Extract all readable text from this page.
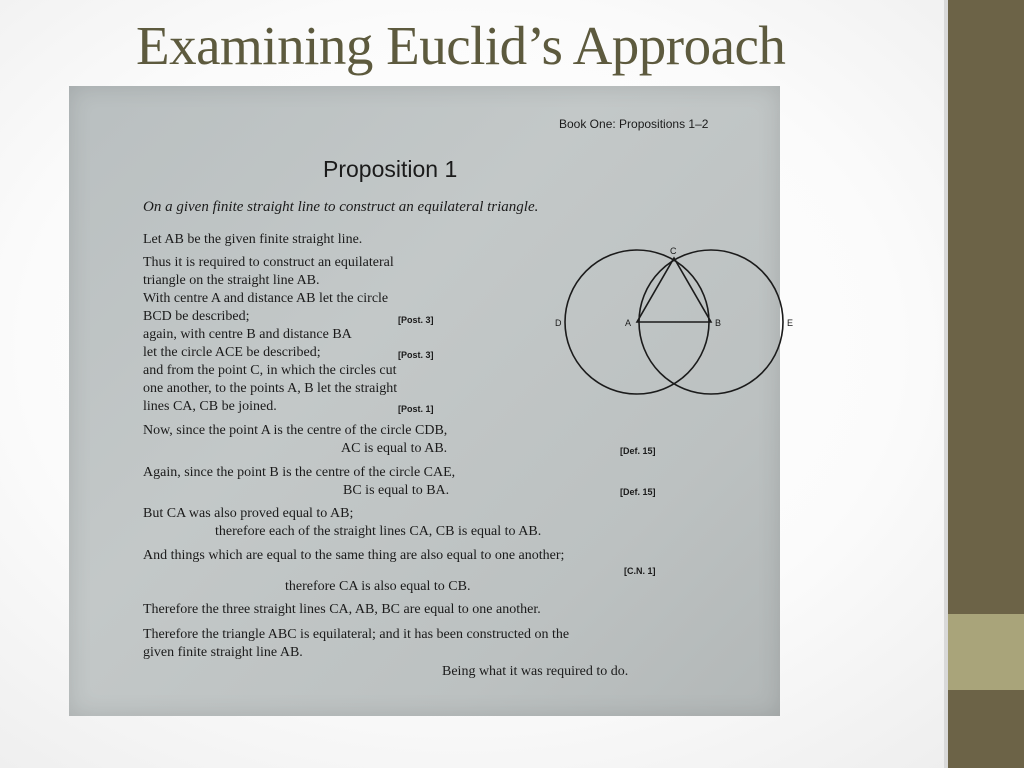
Examining Euclid’s Approach

Book One: Propositions 1–2

Proposition 1

On a given finite straight line to construct an equilateral triangle.

Let AB be the given finite straight line.

Thus it is required to construct an equilateral

triangle on the straight line AB.

With centre A and distance AB let the circle

BCD be described;

again, with centre B and distance BA

let the circle ACE be described;

and from the point C, in which the circles cut

one another, to the points A, B let the straight

lines CA, CB be joined.

[Post. 3]

[Post. 3]

[Post. 1]

Now, since the point A is the centre of the circle CDB,

AC is equal to AB.	[Def. 15]

Again, since the point B is the centre of the circle CAE,

BC is equal to BA.	[Def. 15]

But CA was also proved equal to AB;

therefore each of the straight lines CA, CB is equal to AB.

And things which are equal to the same thing are also equal to one another;

[C.N. 1]

therefore CA is also equal to CB.

Therefore the three straight lines CA, AB, BC are equal to one another.

Therefore the triangle ABC is equilateral; and it has been constructed on the

given finite straight line AB.

Being what it was required to do.

C
D	A	B	E
